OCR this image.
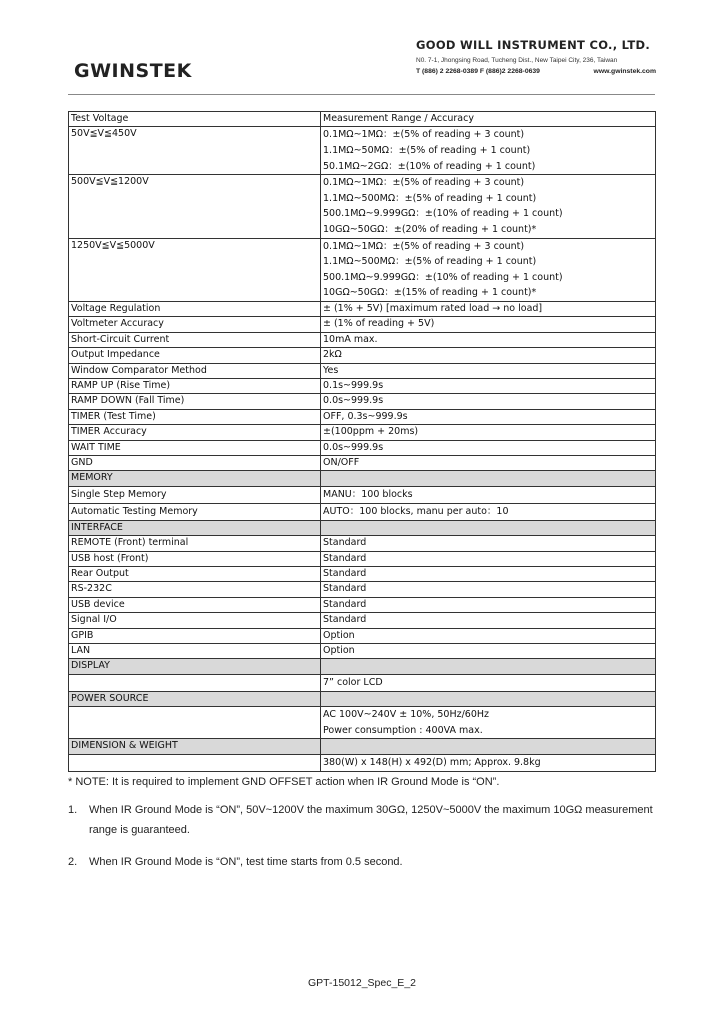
GWINSTEK
GOOD WILL INSTRUMENT CO., LTD.
N0. 7-1, Jhongsing Road, Tucheng Dist., New Taipei City, 236, Taiwan
T (886) 2 2268-0389 F (886)2 2268-0639	www.gwinstek.com
Test Voltage	Measurement Range / Accuracy
50V≦V≦450V	0.1MΩ~1MΩ：±(5% of reading + 3 count)
1.1MΩ~50MΩ：±(5% of reading + 1 count)
50.1MΩ~2GΩ：±(10% of reading + 1 count)

500V≦V≦1200V	0.1MΩ~1MΩ：±(5% of reading + 3 count)
1.1MΩ~500MΩ：±(5% of reading + 1 count)
500.1MΩ~9.999GΩ：±(10% of reading + 1 count)
10GΩ~50GΩ：±(20% of reading + 1 count)*

1250V≦V≦5000V	0.1MΩ~1MΩ：±(5% of reading + 3 count)
1.1MΩ~500MΩ：±(5% of reading + 1 count)
500.1MΩ~9.999GΩ：±(10% of reading + 1 count)
10GΩ~50GΩ：±(15% of reading + 1 count)*

Voltage Regulation	± (1% + 5V) [maximum rated load → no load]
Voltmeter Accuracy	± (1% of reading + 5V)
Short-Circuit Current	10mA max.
Output Impedance	2kΩ
Window Comparator Method	Yes
RAMP UP (Rise Time)	0.1s~999.9s
RAMP DOWN (Fall Time)	0.0s~999.9s
TIMER (Test Time)	OFF, 0.3s~999.9s
TIMER Accuracy	±(100ppm + 20ms)
WAIT TIME	0.0s~999.9s
GND	ON/OFF
MEMORY	
Single Step Memory	MANU：100 blocks
Automatic Testing Memory	AUTO：100 blocks, manu per auto：10
INTERFACE	
REMOTE (Front) terminal	Standard
USB host (Front)	Standard
Rear Output	Standard
RS-232C	Standard
USB device	Standard
Signal I/O	Standard
GPIB	Option
LAN	Option
DISPLAY	
	7” color LCD
POWER SOURCE	

	AC 100V~240V ± 10%, 50Hz/60Hz
Power consumption : 400VA max.

DIMENSION & WEIGHT	
	380(W) x 148(H) x 492(D) mm; Approx. 9.8kg

* NOTE: It is required to implement GND OFFSET action when IR Ground Mode is “ON”.

1.	When IR Ground Mode is “ON”, 50V~1200V the maximum 30GΩ, 1250V~5000V the maximum 10GΩ measurement range is guaranteed.
2.	When IR Ground Mode is “ON”, test time starts from 0.5 second.
GPT-15012_Spec_E_2
